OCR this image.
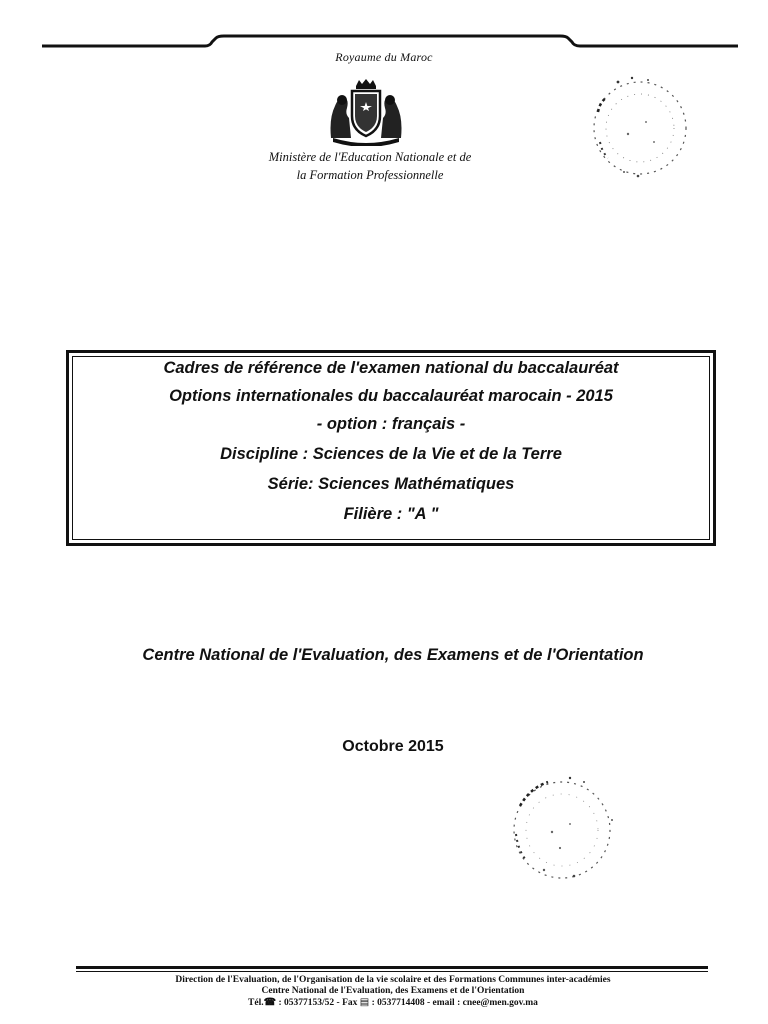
Royaume du Maroc
Ministère de l'Education Nationale et de
la Formation Professionnelle
Cadres de référence de l'examen national du baccalauréat
Options internationales du baccalauréat marocain - 2015
- option : français -
Discipline : Sciences de la Vie et de la Terre
Série: Sciences Mathématiques
Filière : "A "
Centre National de l'Evaluation, des Examens et de l'Orientation
Octobre 2015
Direction de l'Evaluation, de l'Organisation de la vie scolaire et des Formations Communes inter-académies
Centre National de l'Evaluation, des Examens et de l'Orientation
Tél.☎ : 05377153/52 - Fax ▤ : 0537714408 - email : cnee@men.gov.ma
